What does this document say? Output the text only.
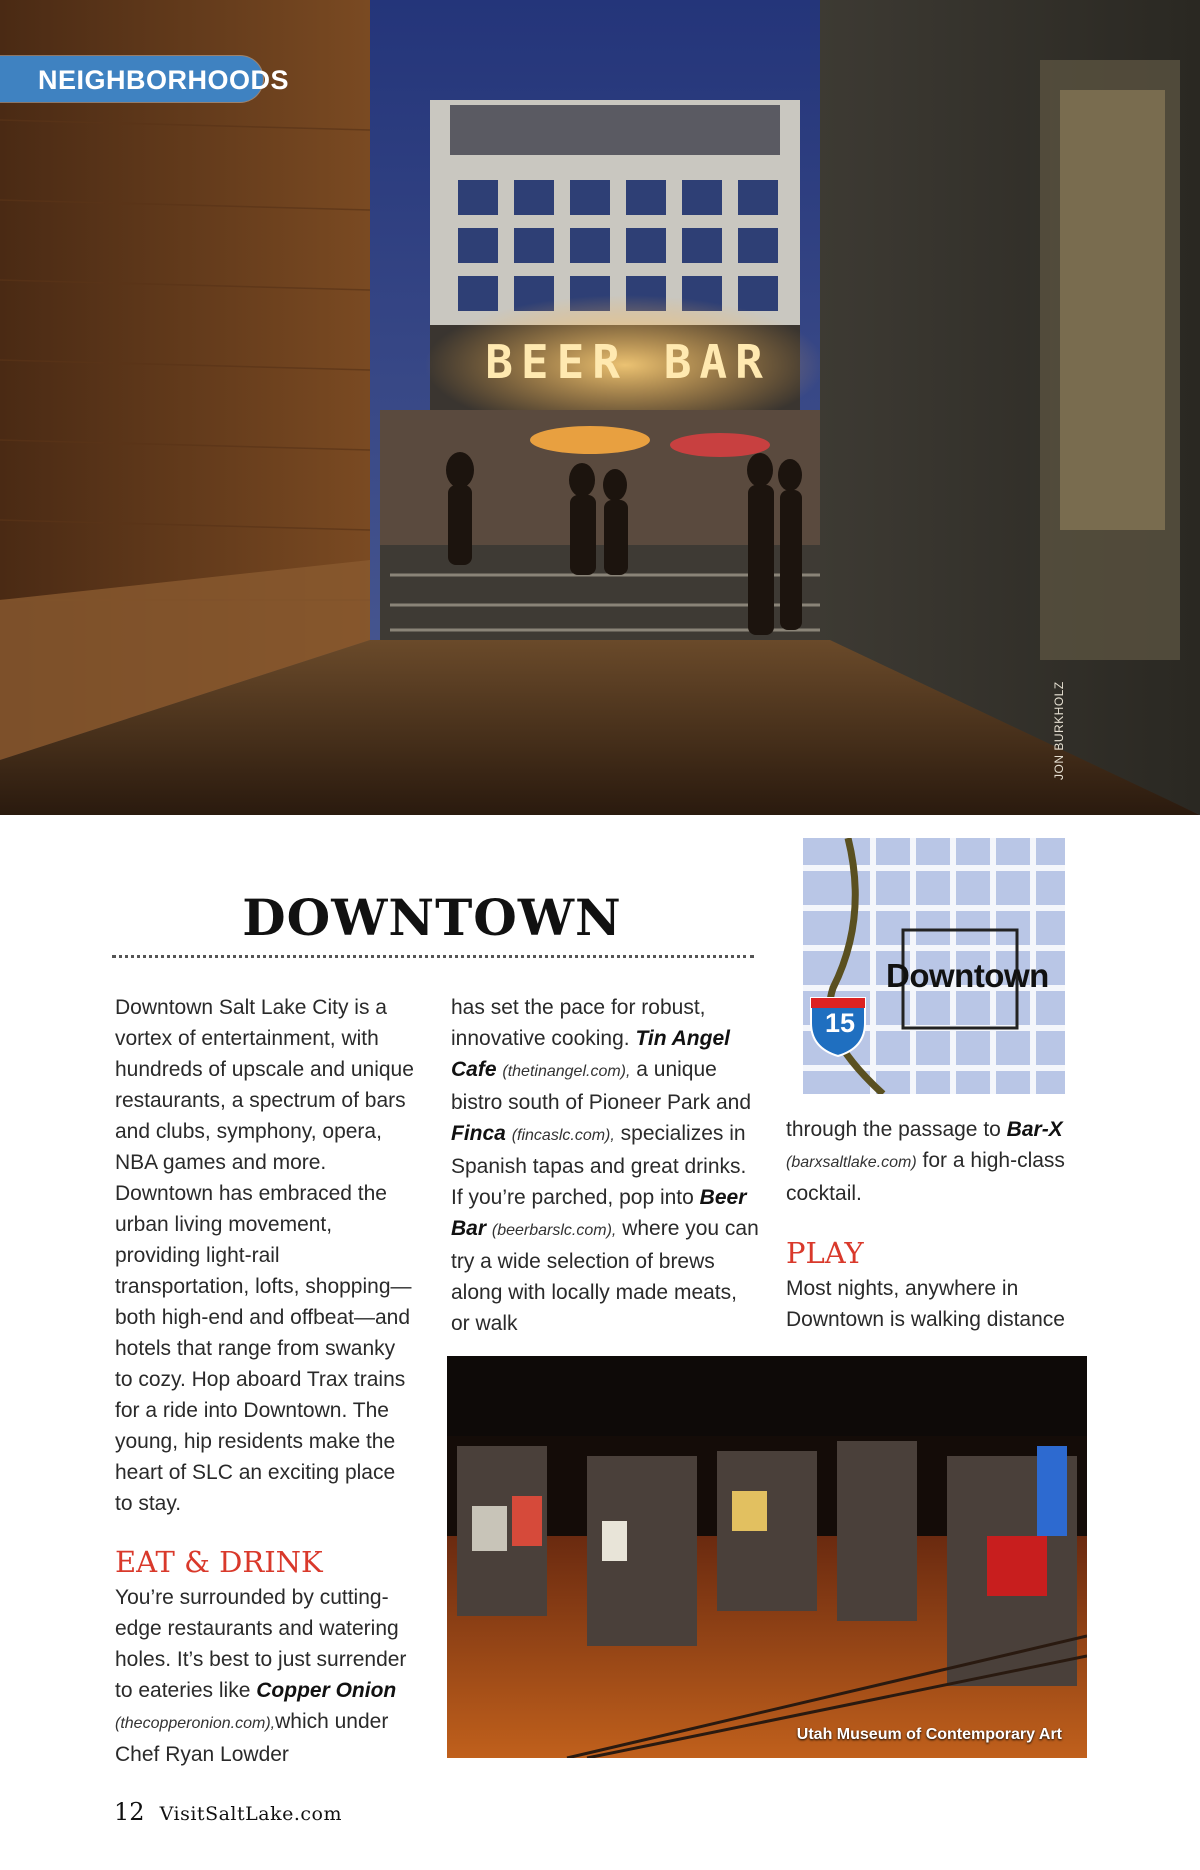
BEER BAR
NEIGHBORHOODS
JON BURKHOLZ
DOWNTOWN

Downtown Salt Lake City is a vortex of entertainment, with hundreds of upscale and unique restaurants, a spectrum of bars and clubs, symphony, opera, NBA games and more. Downtown has embraced the urban living movement, providing light-rail transportation, lofts, shopping—both high-end and offbeat—and hotels that range from swanky to cozy. Hop aboard Trax trains for a ride into Downtown. The young, hip residents make the heart of SLC an exciting place to stay.

EAT & DRINK

You’re surrounded by cutting-edge restaurants and watering holes. It’s best to just surrender to eateries like Copper Onion (thecopperonion.com),which under Chef Ryan Lowder

has set the pace for robust, innovative cooking. Tin Angel Cafe (thetinangel.com), a unique bistro south of Pioneer Park and Finca (fincaslc.com), specializes in Spanish tapas and great drinks. If you’re parched, pop into Beer Bar (beerbarslc.com), where you can try a wide selection of brews along with locally made meats, or walk

Downtown
15

through the passage to Bar-X (barxsaltlake.com) for a high-class cocktail.

PLAY

Most nights, anywhere in Downtown is walking distance

Utah Museum of Contemporary Art
12 VisitSaltLake.com
